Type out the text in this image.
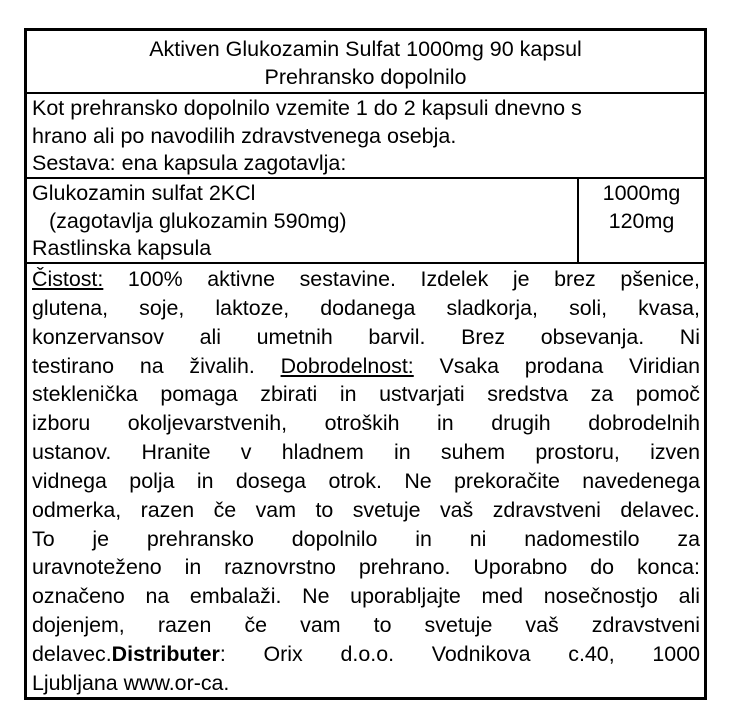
Aktiven Glukozamin Sulfat 1000mg 90 kapsul
Prehransko dopolnilo
Kot prehransko dopolnilo vzemite 1 do 2 kapsuli dnevno s
hrano ali po navodilih zdravstvenega osebja.
Sestava: ena kapsula zagotavlja:
Glukozamin sulfat 2KCl
(zagotavlja glukozamin 590mg)
Rastlinska kapsula
1000mg
120mg
Čistost: 100% aktivne sestavine. Izdelek je brez pšenice,
glutena, soje, laktoze, dodanega sladkorja, soli, kvasa,
konzervansov ali umetnih barvil. Brez obsevanja. Ni
testirano na živalih. Dobrodelnost: Vsaka prodana Viridian
steklenička pomaga zbirati in ustvarjati sredstva za pomoč
izboru okoljevarstvenih, otroških in drugih dobrodelnih
ustanov. Hranite v hladnem in suhem prostoru, izven
vidnega polja in dosega otrok. Ne prekoračite navedenega
odmerka, razen če vam to svetuje vaš zdravstveni delavec.
To je prehransko dopolnilo in ni nadomestilo za
uravnoteženo in raznovrstno prehrano. Uporabno do konca:
označeno na embalaži. Ne uporabljajte med nosečnostjo ali
dojenjem, razen če vam to svetuje vaš zdravstveni
delavec.Distributer: Orix d.o.o. Vodnikova c.40, 1000
Ljubljana www.or-ca.
